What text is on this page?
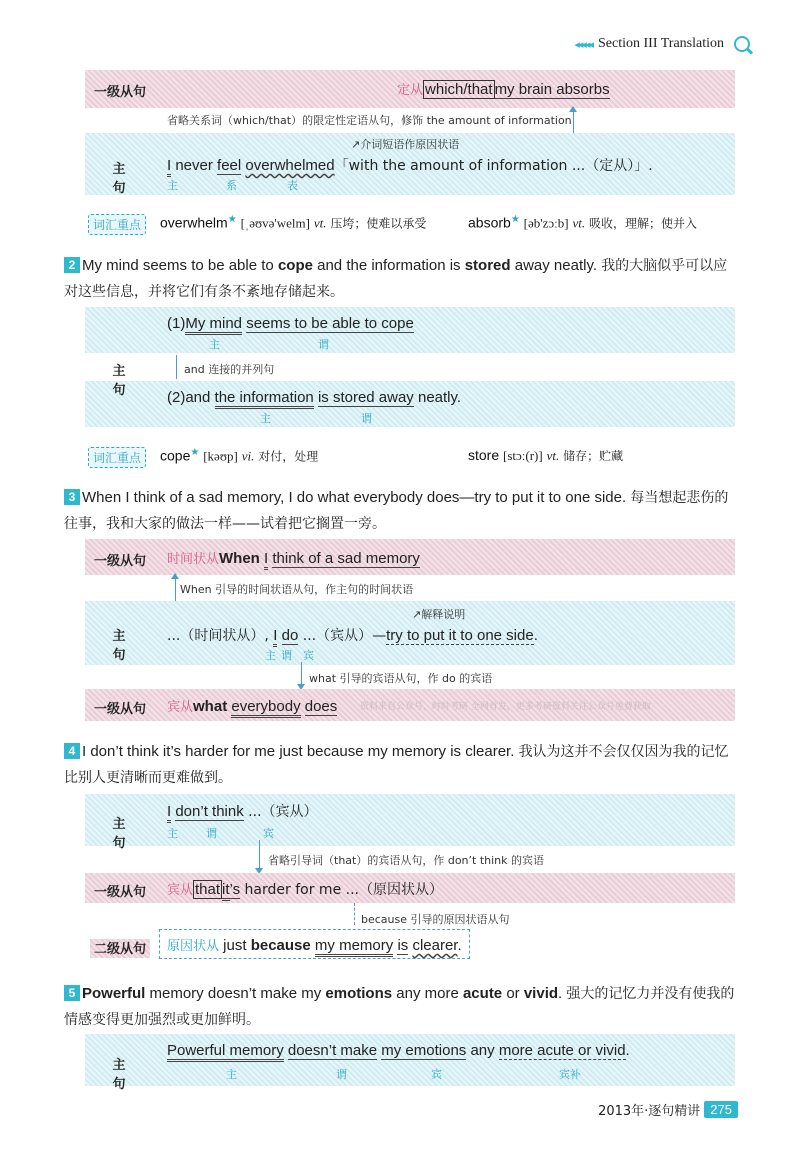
◂◂◂◂◂ Section III Translation
一级从句	定从 which/that my brain absorbs
省略关系词（which/that）的限定性定语从句，修饰 the amount of information
主 句
↗介词短语作原因状语
I never feel overwhelmed「with the amount of information ...（定从）」.
主	系	表
词汇重点	overwhelm★ [ˌəʊvə'welm] vt. 压垮；使难以承受	absorb★ [əb'zɔːb] vt. 吸收，理解；使并入
2 My mind seems to be able to cope and the information is stored away neatly. 我的大脑似乎可以应对这些信息，并将它们有条不紊地存储起来。
主 句
(1)My mind seems to be able to cope
主	谓
and 连接的并列句
(2)and the information is stored away neatly.
主	谓
词汇重点	cope★ [kəʊp] vi. 对付，处理	store [stɔː(r)] vt. 储存；贮藏
3 When I think of a sad memory, I do what everybody does—try to put it to one side. 每当想起悲伤的往事，我和大家的做法一样——试着把它搁置一旁。
一级从句	时间状从When I think of a sad memory
When 引导的时间状语从句，作主句的时间状语
主 句
↗解释说明
...（时间状从）, I do ...（宾从）—try to put it to one side.
主 谓 宾
what 引导的宾语从句，作 do 的宾语
一级从句	宾从what everybody does	资料来自公众号，时时考研 全网首发，更多考研资料关注公众号免费获取
4 I don’t think it’s harder for me just because my memory is clearer. 我认为这并不会仅仅因为我的记忆比别人更清晰而更难做到。
主 句
I don’t think ...（宾从）
主	谓	宾
省略引导词（that）的宾语从句，作 don’t think 的宾语
一级从句	宾从 that it’s harder for me ...（原因状从）
because 引导的原因状语从句
二级从句	原因状从 just because my memory is clearer.
5 Powerful memory doesn’t make my emotions any more acute or vivid. 强大的记忆力并没有使我的情感变得更加强烈或更加鲜明。
主 句
Powerful memory doesn’t make my emotions any more acute or vivid.
主	谓	宾	宾补
2013年·逐句精讲 275
